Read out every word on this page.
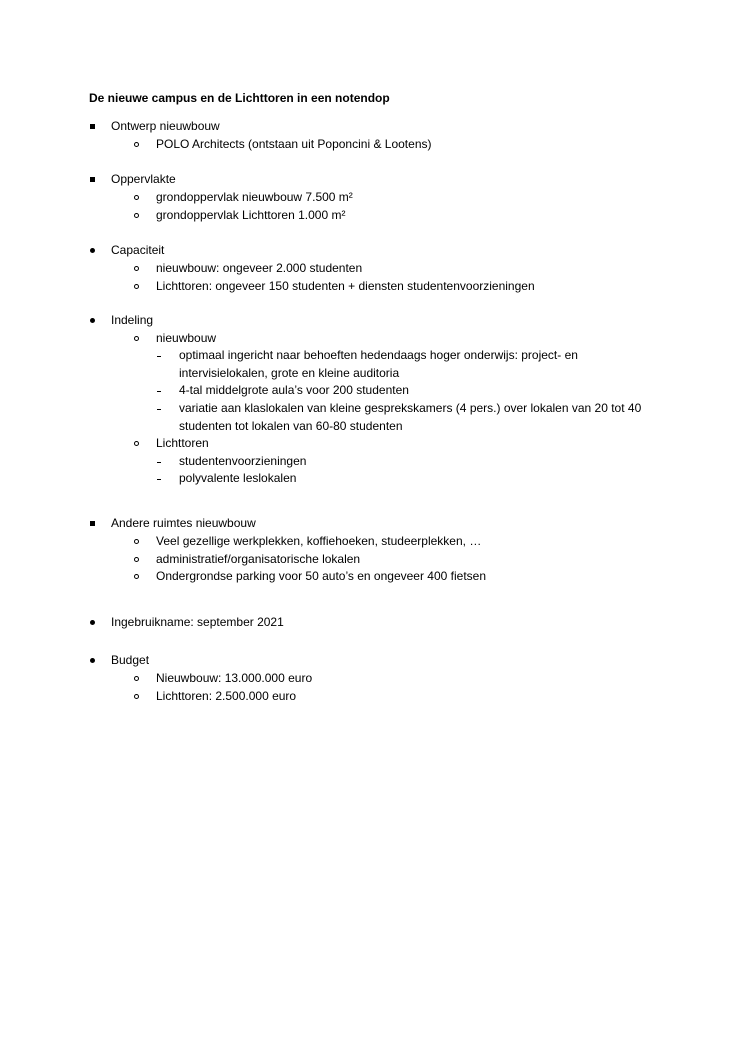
De nieuwe campus en de Lichttoren in een notendop
Ontwerp nieuwbouw
POLO Architects (ontstaan uit Poponcini & Lootens)
Oppervlakte
grondoppervlak nieuwbouw 7.500 m²
grondoppervlak Lichttoren 1.000 m²
Capaciteit
nieuwbouw: ongeveer 2.000 studenten
Lichttoren: ongeveer 150 studenten + diensten studentenvoorzieningen
Indeling
nieuwbouw
optimaal ingericht naar behoeften hedendaags hoger onderwijs: project- en intervisielokalen, grote en kleine auditoria
4-tal middelgrote aula’s voor 200 studenten
variatie aan klaslokalen van kleine gesprekskamers (4 pers.) over lokalen van 20 tot 40 studenten tot lokalen van 60-80 studenten
Lichttoren
studentenvoorzieningen
polyvalente leslokalen
Andere ruimtes nieuwbouw
Veel gezellige werkplekken, koffiehoeken, studeerplekken, …
administratief/organisatorische lokalen
Ondergrondse parking voor 50 auto’s en ongeveer 400 fietsen
Ingebruikname: september 2021
Budget
Nieuwbouw: 13.000.000 euro
Lichttoren: 2.500.000 euro
